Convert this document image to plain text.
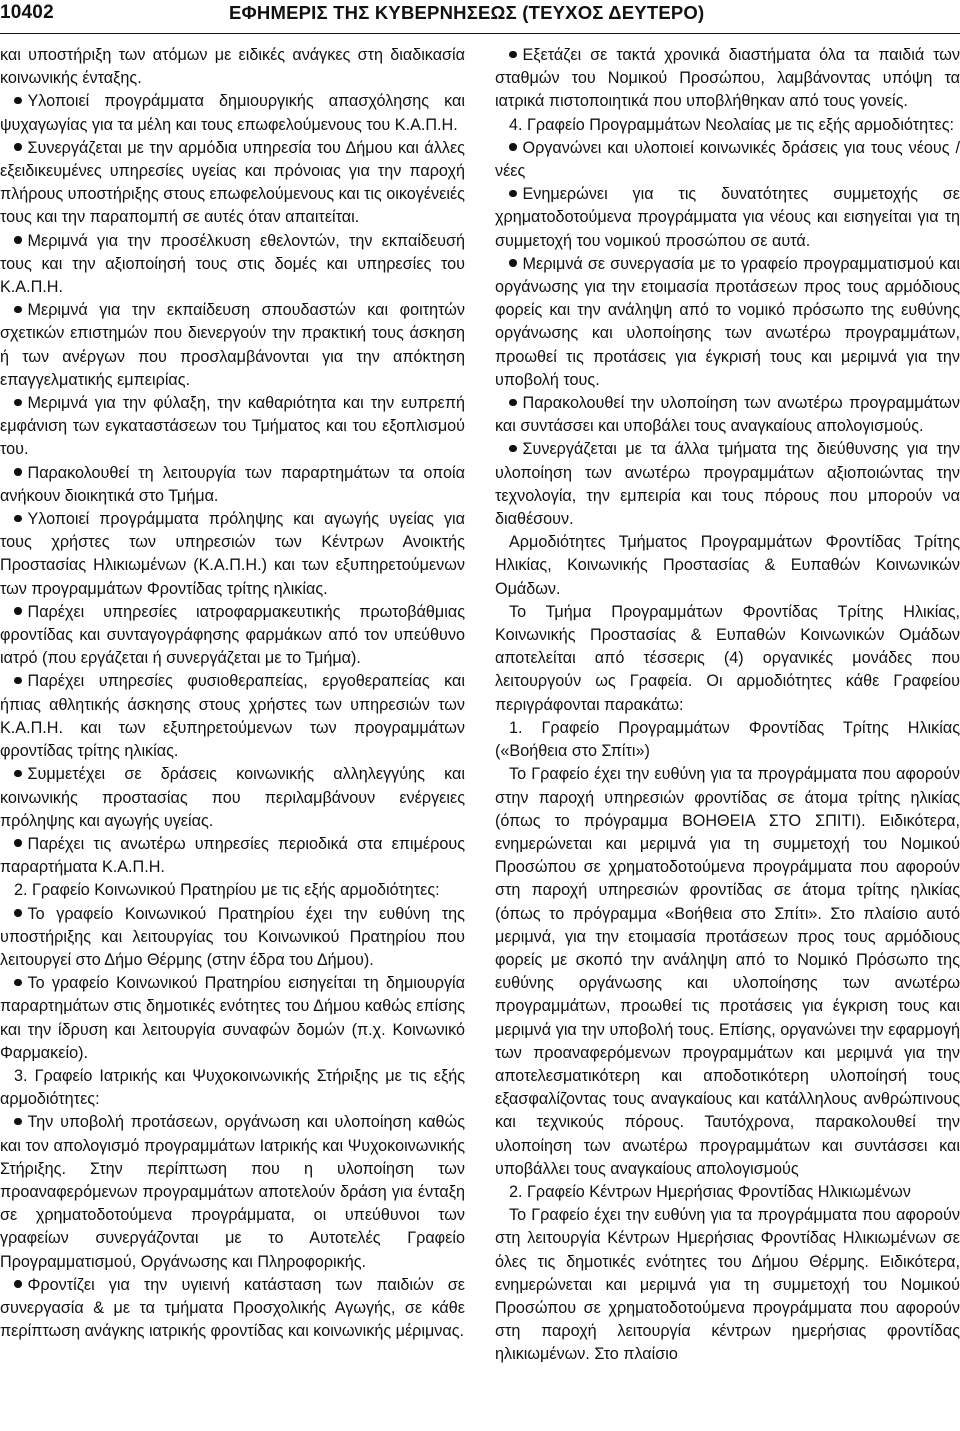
10402	ΕΦΗΜΕΡΙΣ ΤΗΣ ΚΥΒΕΡΝΗΣΕΩΣ (ΤΕΥΧΟΣ ΔΕΥΤΕΡΟ)

και υποστήριξη των ατόμων με ειδικές ανάγκες στη διαδικασία κοινωνικής ένταξης.

Υλοποιεί προγράμματα δημιουργικής απασχόλησης και ψυχαγωγίας για τα μέλη και τους επωφελούμενους του Κ.Α.Π.Η.

Συνεργάζεται με την αρμόδια υπηρεσία του Δήμου και άλλες εξειδικευμένες υπηρεσίες υγείας και πρόνοιας για την παροχή πλήρους υποστήριξης στους επωφελούμενους και τις οικογένειές τους και την παραπομπή σε αυτές όταν απαιτείται.

Μεριμνά για την προσέλκυση εθελοντών, την εκπαίδευσή τους και την αξιοποίησή τους στις δομές και υπηρεσίες του Κ.Α.Π.Η.

Μεριμνά για την εκπαίδευση σπουδαστών και φοιτητών σχετικών επιστημών που διενεργούν την πρακτική τους άσκηση ή των ανέργων που προσλαμβάνονται για την απόκτηση επαγγελματικής εμπειρίας.

Μεριμνά για την φύλαξη, την καθαριότητα και την ευπρεπή εμφάνιση των εγκαταστάσεων του Τμήματος και του εξοπλισμού του.

Παρακολουθεί τη λειτουργία των παραρτημάτων τα οποία ανήκουν διοικητικά στο Τμήμα.

Υλοποιεί προγράμματα πρόληψης και αγωγής υγείας για τους χρήστες των υπηρεσιών των Κέντρων Ανοικτής Προστασίας Ηλικιωμένων (Κ.Α.Π.Η.) και των εξυπηρετούμενων των προγραμμάτων Φροντίδας τρίτης ηλικίας.

Παρέχει υπηρεσίες ιατροφαρμακευτικής πρωτοβάθμιας φροντίδας και συνταγογράφησης φαρμάκων από τον υπεύθυνο ιατρό (που εργάζεται ή συνεργάζεται με το Τμήμα).

Παρέχει υπηρεσίες φυσιοθεραπείας, εργοθεραπείας και ήπιας αθλητικής άσκησης στους χρήστες των υπηρεσιών των Κ.Α.Π.Η. και των εξυπηρετούμενων των προγραμμάτων φροντίδας τρίτης ηλικίας.

Συμμετέχει σε δράσεις κοινωνικής αλληλεγγύης και κοινωνικής προστασίας που περιλαμβάνουν ενέργειες πρόληψης και αγωγής υγείας.

Παρέχει τις ανωτέρω υπηρεσίες περιοδικά στα επιμέρους παραρτήματα Κ.Α.Π.Η.

2. Γραφείο Κοινωνικού Πρατηρίου με τις εξής αρμοδιότητες:

Το γραφείο Κοινωνικού Πρατηρίου έχει την ευθύνη της υποστήριξης και λειτουργίας του Κοινωνικού Πρατηρίου που λειτουργεί στο Δήμο Θέρμης (στην έδρα του Δήμου).

Το γραφείο Κοινωνικού Πρατηρίου εισηγείται τη δημιουργία παραρτημάτων στις δημοτικές ενότητες του Δήμου καθώς επίσης και την ίδρυση και λειτουργία συναφών δομών (π.χ. Κοινωνικό Φαρμακείο).

3. Γραφείο Ιατρικής και Ψυχοκοινωνικής Στήριξης με τις εξής αρμοδιότητες:

Την υποβολή προτάσεων, οργάνωση και υλοποίηση καθώς και τον απολογισμό προγραμμάτων Ιατρικής και Ψυχοκοινωνικής Στήριξης. Στην περίπτωση που η υλοποίηση των προαναφερόμενων προγραμμάτων αποτελούν δράση για ένταξη σε χρηματοδοτούμενα προγράμματα, οι υπεύθυνοι των γραφείων συνεργάζονται με το Αυτοτελές Γραφείο Προγραμματισμού, Οργάνωσης και Πληροφορικής.

Φροντίζει για την υγιεινή κατάσταση των παιδιών σε συνεργασία & με τα τμήματα Προσχολικής Αγωγής, σε κάθε περίπτωση ανάγκης ιατρικής φροντίδας και κοινωνικής μέριμνας.

Εξετάζει σε τακτά χρονικά διαστήματα όλα τα παιδιά των σταθμών του Νομικού Προσώπου, λαμβάνοντας υπόψη τα ιατρικά πιστοποιητικά που υποβλήθηκαν από τους γονείς.

4. Γραφείο Προγραμμάτων Νεολαίας με τις εξής αρμοδιότητες:

Οργανώνει και υλοποιεί κοινωνικές δράσεις για τους νέους / νέες

Ενημερώνει για τις δυνατότητες συμμετοχής σε χρηματοδοτούμενα προγράμματα για νέους και εισηγείται για τη συμμετοχή του νομικού προσώπου σε αυτά.

Μεριμνά σε συνεργασία με το γραφείο προγραμματισμού και οργάνωσης για την ετοιμασία προτάσεων προς τους αρμόδιους φορείς και την ανάληψη από το νομικό πρόσωπο της ευθύνης οργάνωσης και υλοποίησης των ανωτέρω προγραμμάτων, προωθεί τις προτάσεις για έγκρισή τους και μεριμνά για την υποβολή τους.

Παρακολουθεί την υλοποίηση των ανωτέρω προγραμμάτων και συντάσσει και υποβάλει τους αναγκαίους απολογισμούς.

Συνεργάζεται με τα άλλα τμήματα της διεύθυνσης για την υλοποίηση των ανωτέρω προγραμμάτων αξιοποιώντας την τεχνολογία, την εμπειρία και τους πόρους που μπορούν να διαθέσουν.

Αρμοδιότητες Τμήματος Προγραμμάτων Φροντίδας Τρίτης Ηλικίας, Κοινωνικής Προστασίας & Ευπαθών Κοινωνικών Ομάδων.

Το Τμήμα Προγραμμάτων Φροντίδας Τρίτης Ηλικίας, Κοινωνικής Προστασίας & Ευπαθών Κοινωνικών Ομάδων αποτελείται από τέσσερις (4) οργανικές μονάδες που λειτουργούν ως Γραφεία. Οι αρμοδιότητες κάθε Γραφείου περιγράφονται παρακάτω:

1. Γραφείο Προγραμμάτων Φροντίδας Τρίτης Ηλικίας («Βοήθεια στο Σπίτι»)

Το Γραφείο έχει την ευθύνη για τα προγράμματα που αφορούν στην παροχή υπηρεσιών φροντίδας σε άτομα τρίτης ηλικίας (όπως το πρόγραμμα ΒΟΗΘΕΙΑ ΣΤΟ ΣΠΙΤΙ). Ειδικότερα, ενημερώνεται και μεριμνά για τη συμμετοχή του Νομικού Προσώπου σε χρηματοδοτούμενα προγράμματα που αφορούν στη παροχή υπηρεσιών φροντίδας σε άτομα τρίτης ηλικίας (όπως το πρόγραμμα «Βοήθεια στο Σπίτι». Στο πλαίσιο αυτό μεριμνά, για την ετοιμασία προτάσεων προς τους αρμόδιους φορείς με σκοπό την ανάληψη από το Νομικό Πρόσωπο της ευθύνης οργάνωσης και υλοποίησης των ανωτέρω προγραμμάτων, προωθεί τις προτάσεις για έγκριση τους και μεριμνά για την υποβολή τους. Επίσης, οργανώνει την εφαρμογή των προαναφερόμενων προγραμμάτων και μεριμνά για την αποτελεσματικότερη και αποδοτικότερη υλοποίησή τους εξασφαλίζοντας τους αναγκαίους και κατάλληλους ανθρώπινους και τεχνικούς πόρους. Ταυτόχρονα, παρακολουθεί την υλοποίηση των ανωτέρω προγραμμάτων και συντάσσει και υποβάλλει τους αναγκαίους απολογισμούς

2. Γραφείο Κέντρων Ημερήσιας Φροντίδας Ηλικιωμένων

Το Γραφείο έχει την ευθύνη για τα προγράμματα που αφορούν στη λειτουργία Κέντρων Ημερήσιας Φροντίδας Ηλικιωμένων σε όλες τις δημοτικές ενότητες του Δήμου Θέρμης. Ειδικότερα, ενημερώνεται και μεριμνά για τη συμμετοχή του Νομικού Προσώπου σε χρηματοδοτούμενα προγράμματα που αφορούν στη παροχή λειτουργία κέντρων ημερήσιας φροντίδας ηλικιωμένων. Στο πλαίσιο
